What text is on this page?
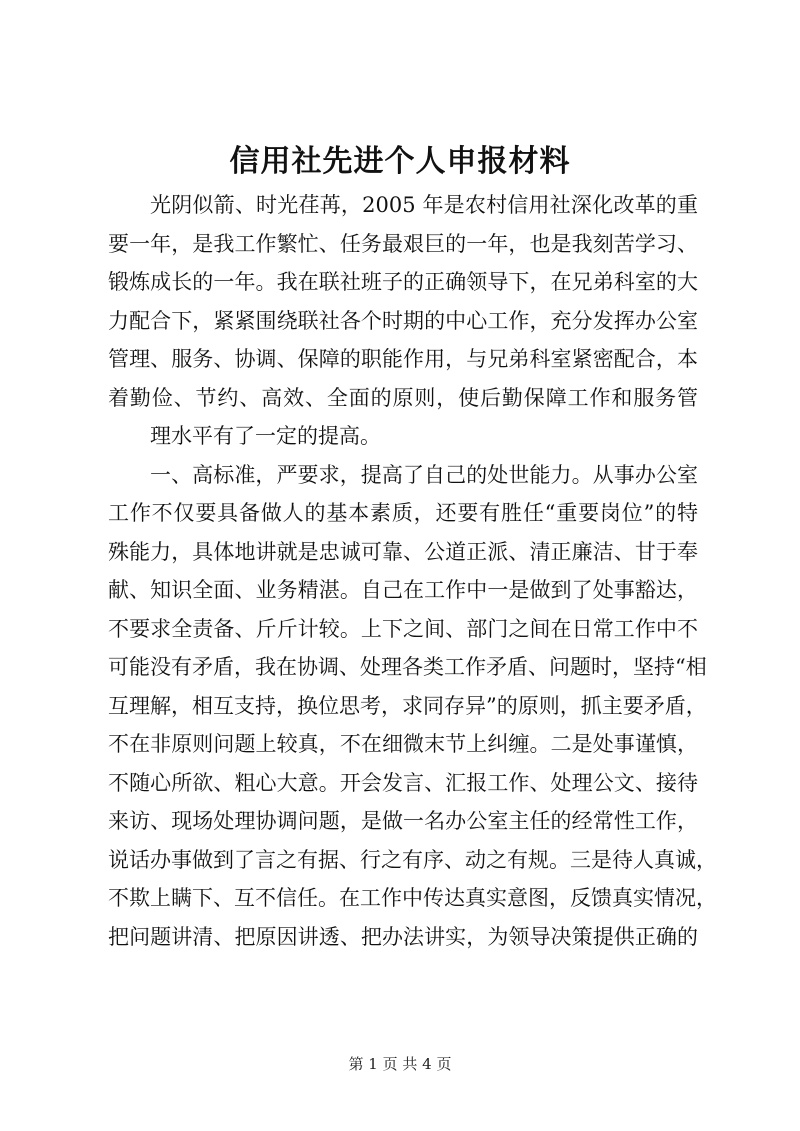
信用社先进个人申报材料
光阴似箭、时光荏苒，2005 年是农村信用社深化改革的重
要一年，是我工作繁忙、任务最艰巨的一年，也是我刻苦学习、
锻炼成长的一年。我在联社班子的正确领导下，在兄弟科室的大
力配合下，紧紧围绕联社各个时期的中心工作，充分发挥办公室
管理、服务、协调、保障的职能作用，与兄弟科室紧密配合，本
着勤俭、节约、高效、全面的原则，使后勤保障工作和服务管
理水平有了一定的提高。
一、高标准，严要求，提高了自己的处世能力。从事办公室
工作不仅要具备做人的基本素质，还要有胜任“重要岗位”的特
殊能力，具体地讲就是忠诚可靠、公道正派、清正廉洁、甘于奉
献、知识全面、业务精湛。自己在工作中一是做到了处事豁达，
不要求全责备、斤斤计较。上下之间、部门之间在日常工作中不
可能没有矛盾，我在协调、处理各类工作矛盾、问题时，坚持“相
互理解，相互支持，换位思考，求同存异”的原则，抓主要矛盾，
不在非原则问题上较真，不在细微末节上纠缠。二是处事谨慎，
不随心所欲、粗心大意。开会发言、汇报工作、处理公文、接待
来访、现场处理协调问题，是做一名办公室主任的经常性工作，
说话办事做到了言之有据、行之有序、动之有规。三是待人真诚，
不欺上瞒下、互不信任。在工作中传达真实意图，反馈真实情况，
把问题讲清、把原因讲透、把办法讲实，为领导决策提供正确的
第 1 页 共 4 页
